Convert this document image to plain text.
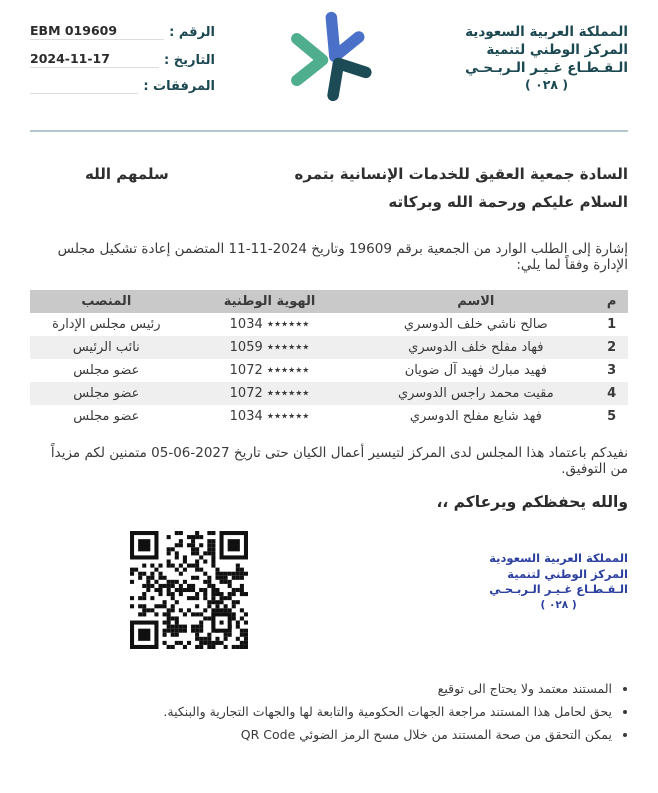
الرقم :
EBM 019609
التاريخ :
2024-11-17
المرفقات :
المملكة العربية السعودية
المركز الوطني لتنمية
الـقـطـاع غـيـر الـربـحـي
( ٠٢٨ )
السادة جمعية العقيق للخدمات الإنسانية بتمره
سلمهم الله
السلام عليكم ورحمة الله وبركاته
إشارة إلى الطلب الوارد من الجمعية برقم 19609 وتاريخ 2024-11-11 المتضمن إعادة تشكيل مجلس الإدارة وفقاً لما يلي:
م	الاسم	الهوية الوطنية	المنصب
1	صالح ناشي خلف الدوسري	1034 ٭٭٭٭٭٭	رئيس مجلس الإدارة
2	فهاد مفلح خلف الدوسري	1059 ٭٭٭٭٭٭	نائب الرئيس
3	فهيد مبارك فهيد آل ضويان	1072 ٭٭٭٭٭٭	عضو مجلس
4	مقيت محمد راجس الدوسري	1072 ٭٭٭٭٭٭	عضو مجلس
5	فهد شايع مفلح الدوسري	1034 ٭٭٭٭٭٭	عضو مجلس
نفيدكم باعتماد هذا المجلس لدى المركز لتيسير أعمال الكيان حتى تاريخ 2027-06-05 متمنين لكم مزيداً من التوفيق.
والله يحفظكم ويرعاكم ،،
المملكة العربية السعودية
المركز الوطني لتنمية
الـقـطـاع غـيـر الـربـحـي
( ٠٢٨ )
• المستند معتمد ولا يحتاج الى توقيع
• يحق لحامل هذا المستند مراجعة الجهات الحكومية والتابعة لها والجهات التجارية والبنكية.
• يمكن التحقق من صحة المستند من خلال مسح الرمز الضوئي QR Code
